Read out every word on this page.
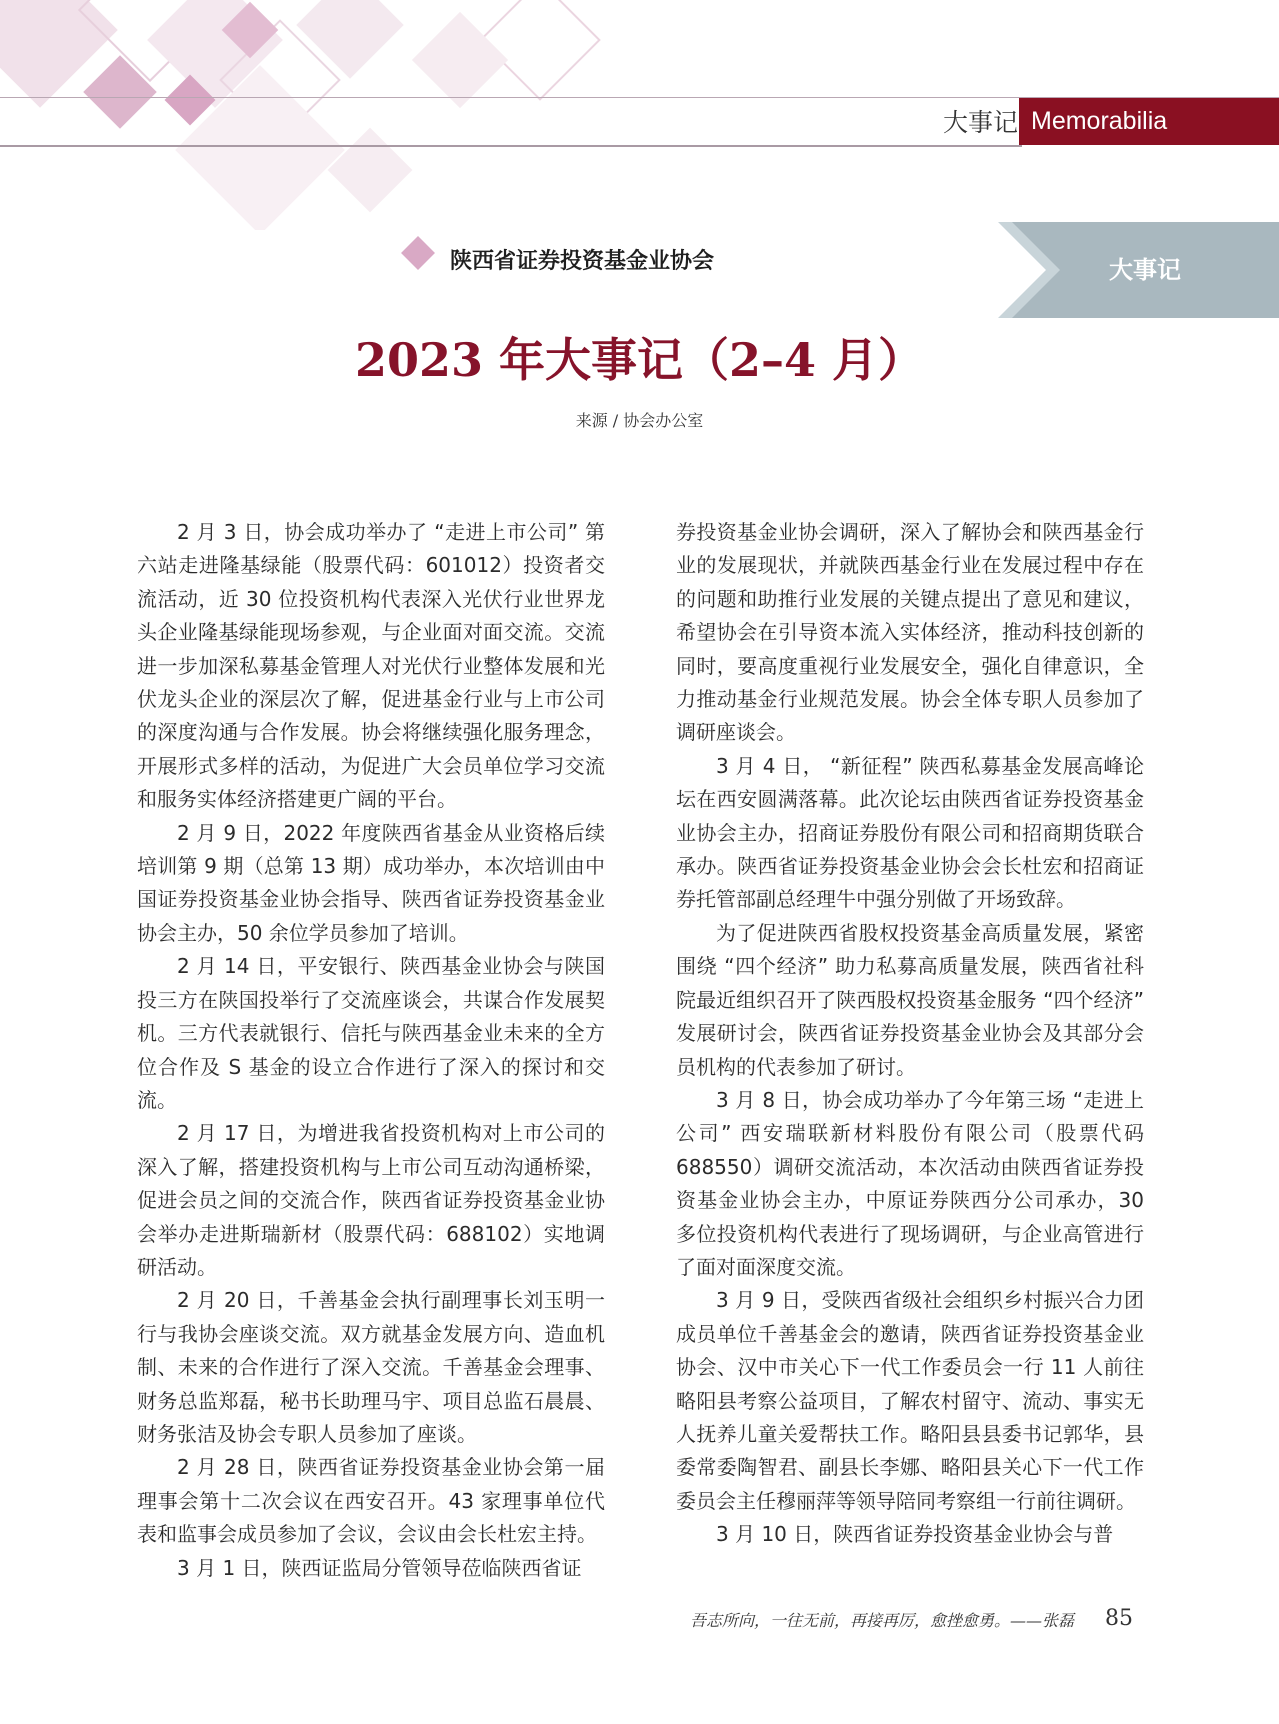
大事记 Memorabilia
大事记
陕西省证券投资基金业协会
2023 年大事记（2–4 月）
来源 / 协会办公室

2 月 3 日，协会成功举办了 “走进上市公司” 第六站走进隆基绿能（股票代码：601012）投资者交流活动，近 30 位投资机构代表深入光伏行业世界龙头企业隆基绿能现场参观，与企业面对面交流。交流进一步加深私募基金管理人对光伏行业整体发展和光伏龙头企业的深层次了解，促进基金行业与上市公司的深度沟通与合作发展。协会将继续强化服务理念，开展形式多样的活动，为促进广大会员单位学习交流和服务实体经济搭建更广阔的平台。

2 月 9 日，2022 年度陕西省基金从业资格后续培训第 9 期（总第 13 期）成功举办，本次培训由中国证券投资基金业协会指导、陕西省证券投资基金业协会主办，50 余位学员参加了培训。

2 月 14 日，平安银行、陕西基金业协会与陕国投三方在陕国投举行了交流座谈会，共谋合作发展契机。三方代表就银行、信托与陕西基金业未来的全方位合作及 S 基金的设立合作进行了深入的探讨和交流。

2 月 17 日，为增进我省投资机构对上市公司的深入了解，搭建投资机构与上市公司互动沟通桥梁，促进会员之间的交流合作，陕西省证券投资基金业协会举办走进斯瑞新材（股票代码：688102）实地调研活动。

2 月 20 日，千善基金会执行副理事长刘玉明一行与我协会座谈交流。双方就基金发展方向、造血机制、未来的合作进行了深入交流。千善基金会理事、财务总监郑磊，秘书长助理马宇、项目总监石晨晨、财务张洁及协会专职人员参加了座谈。

2 月 28 日，陕西省证券投资基金业协会第一届理事会第十二次会议在西安召开。43 家理事单位代表和监事会成员参加了会议，会议由会长杜宏主持。

3 月 1 日，陕西证监局分管领导莅临陕西省证

券投资基金业协会调研，深入了解协会和陕西基金行业的发展现状，并就陕西基金行业在发展过程中存在的问题和助推行业发展的关键点提出了意见和建议，希望协会在引导资本流入实体经济，推动科技创新的同时，要高度重视行业发展安全，强化自律意识，全力推动基金行业规范发展。协会全体专职人员参加了调研座谈会。

3 月 4 日， “新征程” 陕西私募基金发展高峰论坛在西安圆满落幕。此次论坛由陕西省证券投资基金业协会主办，招商证券股份有限公司和招商期货联合承办。陕西省证券投资基金业协会会长杜宏和招商证券托管部副总经理牛中强分别做了开场致辞。

为了促进陕西省股权投资基金高质量发展，紧密围绕 “四个经济” 助力私募高质量发展，陕西省社科院最近组织召开了陕西股权投资基金服务 “四个经济” 发展研讨会，陕西省证券投资基金业协会及其部分会员机构的代表参加了研讨。

3 月 8 日，协会成功举办了今年第三场 “走进上公司” 西安瑞联新材料股份有限公司（股票代码 688550）调研交流活动，本次活动由陕西省证券投资基金业协会主办，中原证券陕西分公司承办，30 多位投资机构代表进行了现场调研，与企业高管进行了面对面深度交流。

3 月 9 日，受陕西省级社会组织乡村振兴合力团成员单位千善基金会的邀请，陕西省证券投资基金业协会、汉中市关心下一代工作委员会一行 11 人前往略阳县考察公益项目，了解农村留守、流动、事实无人抚养儿童关爱帮扶工作。略阳县县委书记郭华，县委常委陶智君、副县长李娜、略阳县关心下一代工作委员会主任穆丽萍等领导陪同考察组一行前往调研。

3 月 10 日，陕西省证券投资基金业协会与普

吾志所向，一往无前，再接再厉，愈挫愈勇。——张磊	85
